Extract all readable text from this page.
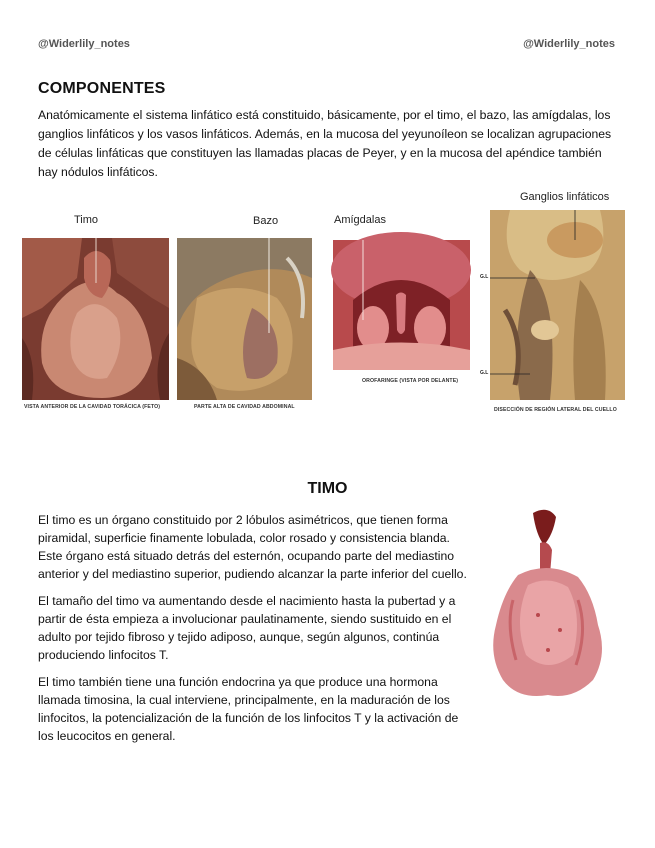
@Widerlily_notes	@Widerlily_notes
COMPONENTES
Anatómicamente el sistema linfático está constituido, básicamente, por el timo, el bazo, las amígdalas, los ganglios linfáticos y los vasos linfáticos. Además, en la mucosa del yeyunoíleon se localizan agrupaciones de células linfáticas que constituyen las llamadas placas de Peyer, y en la mucosa del apéndice también hay nódulos linfáticos.
Timo	Bazo	Amígdalas
Ganglios linfáticos
VISTA ANTERIOR DE LA CAVIDAD TORÁCICA (FETO)	PARTE ALTA DE CAVIDAD ABDOMINAL
OROFARINGE (VISTA POR DELANTE)
G.L
G.L
DISECCIÓN DE REGIÓN LATERAL DEL CUELLO
TIMO

El timo es un órgano constituido por 2 lóbulos asimétricos, que tienen forma piramidal, superficie finamente lobulada, color rosado y consistencia blanda. Este órgano está situado detrás del esternón, ocupando parte del mediastino anterior y del mediastino superior, pudiendo alcanzar la parte inferior del cuello.

El tamaño del timo va aumentando desde el nacimiento hasta la pubertad y a partir de ésta empieza a involucionar paulatinamente, siendo sustituido en el adulto por tejido fibroso y tejido adiposo, aunque, según algunos, continúa produciendo linfocitos T.

El timo también tiene una función endocrina ya que produce una hormona llamada timosina, la cual interviene, principalmente, en la maduración de los linfocitos, la potencialización de la función de los linfocitos T y la activación de los leucocitos en general.
